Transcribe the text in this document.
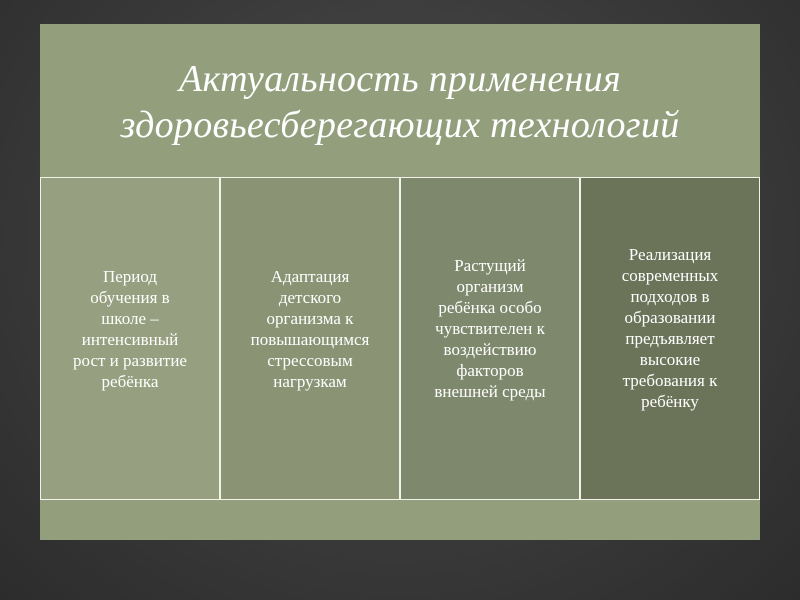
Актуальность применения
здоровьесберегающих технологий
Период
обучения в
школе –
интенсивный
рост и развитие
ребёнка
Адаптация
детского
организма к
повышающимся
стрессовым
нагрузкам
Растущий
организм
ребёнка особо
чувствителен к
воздействию
факторов
внешней среды
Реализация
современных
подходов в
образовании
предъявляет
высокие
требования к
ребёнку
